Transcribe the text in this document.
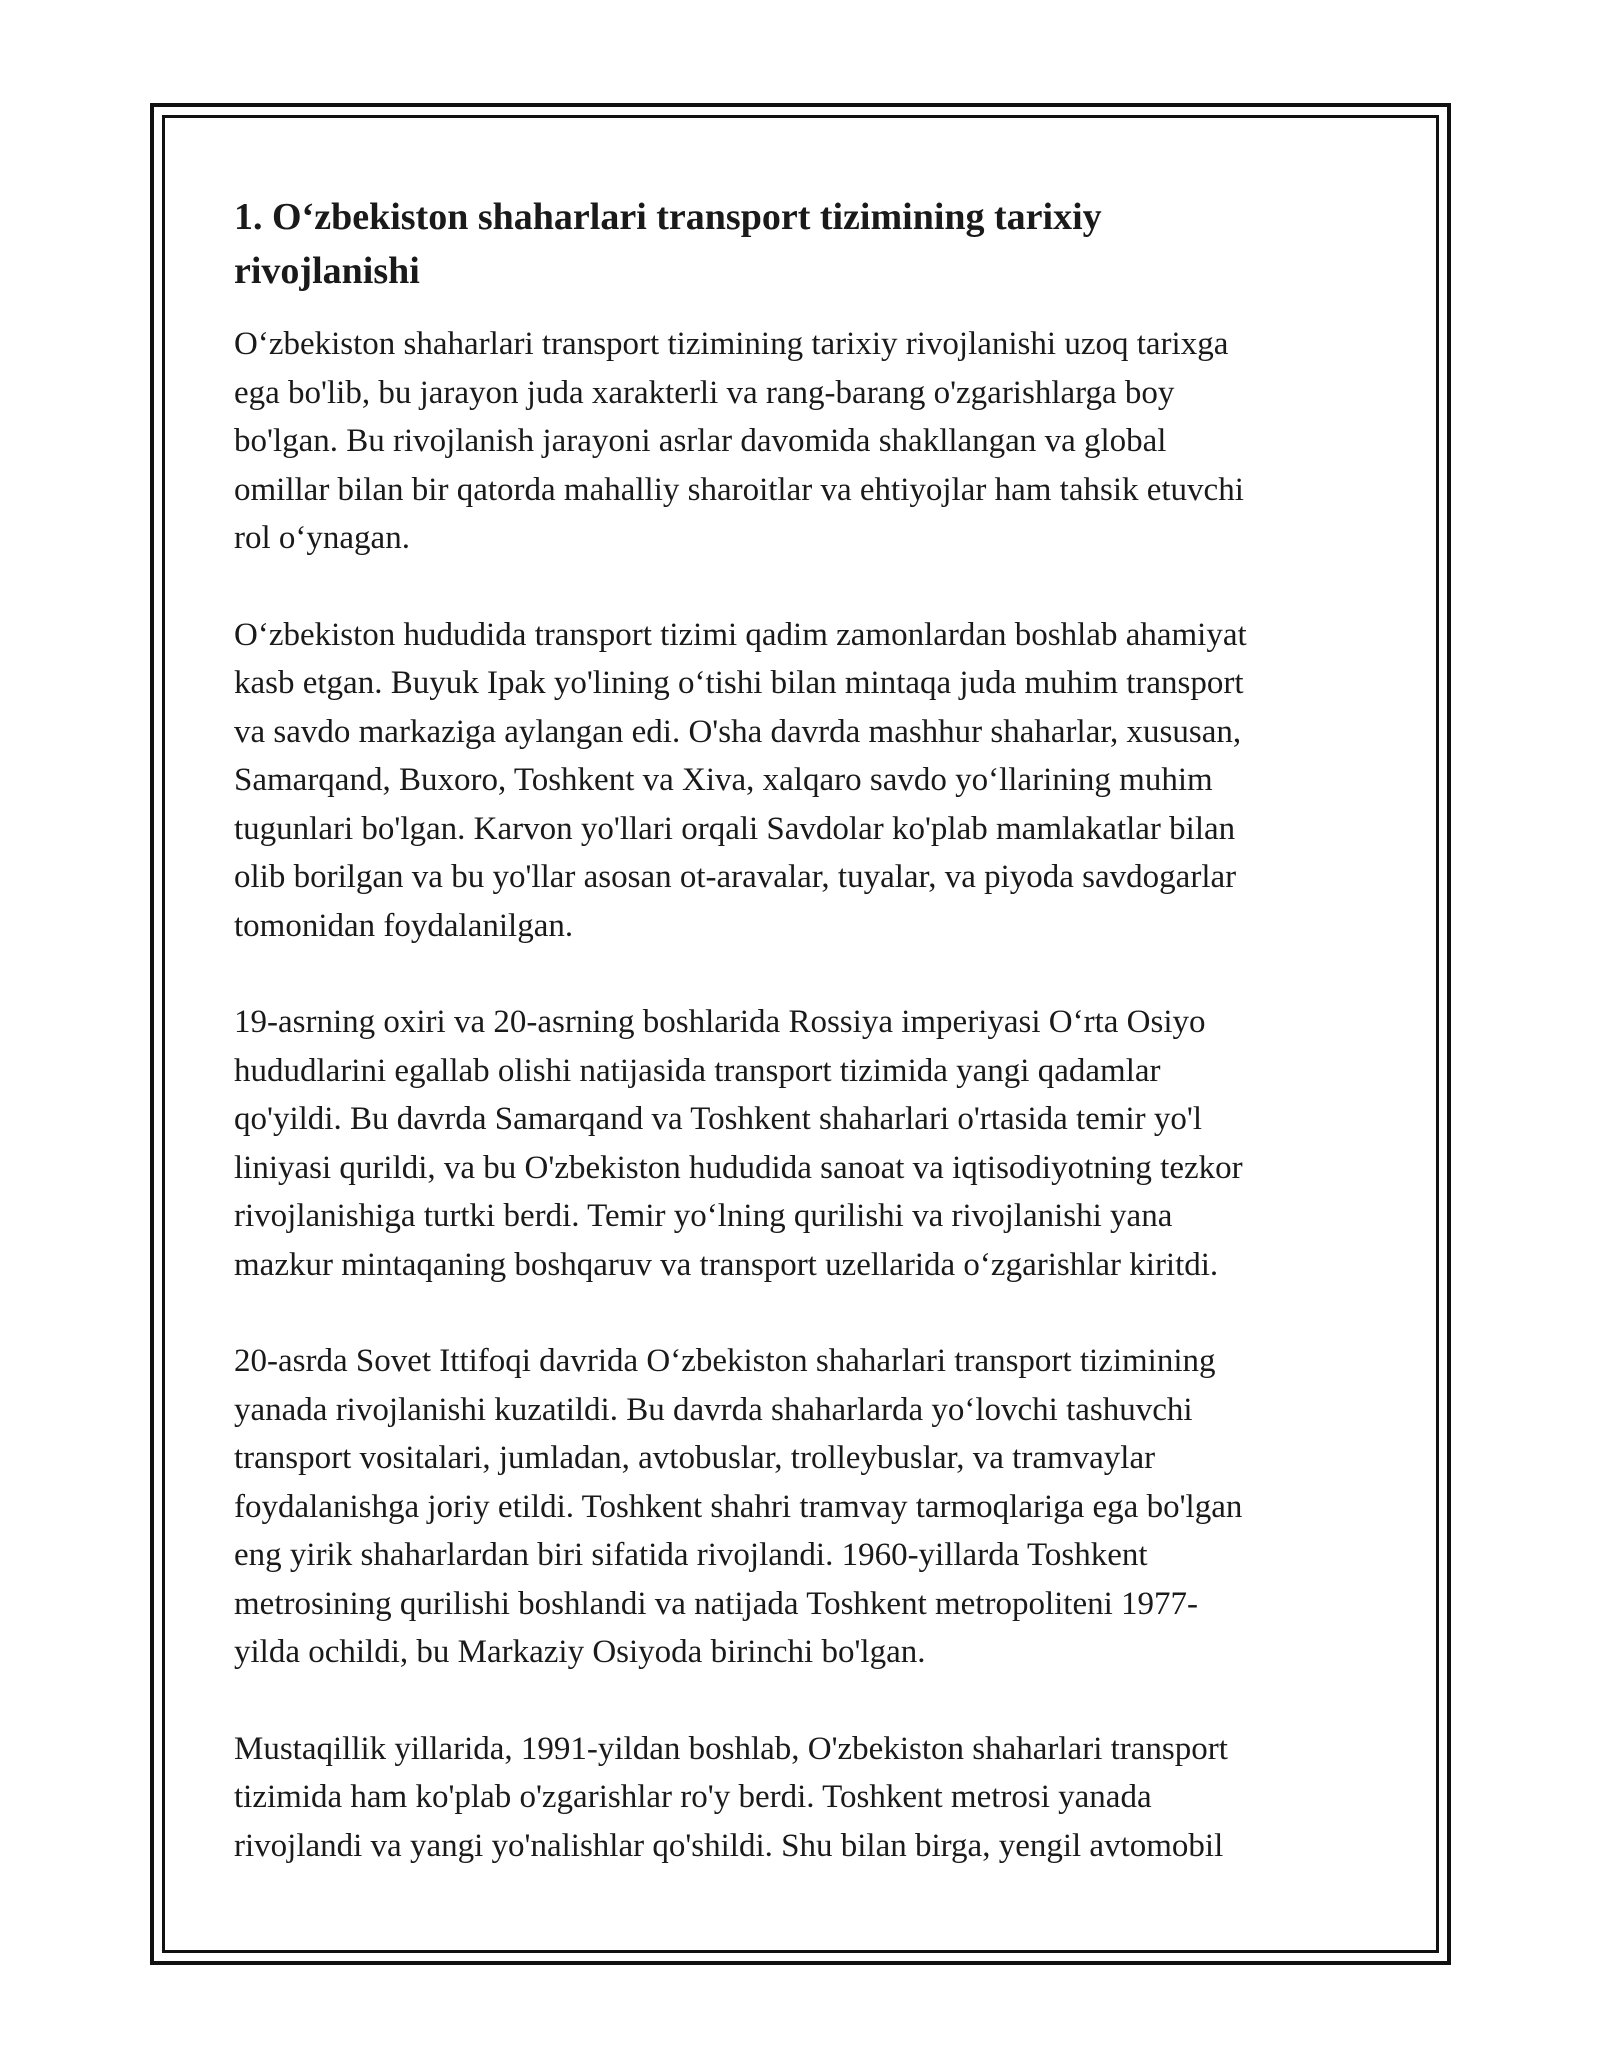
1. O‘zbekiston shaharlari transport tizimining tarixiy
rivojlanishi

O‘zbekiston shaharlari transport tizimining tarixiy rivojlanishi uzoq tarixga
ega bo'lib, bu jarayon juda xarakterli va rang-barang o'zgarishlarga boy
bo'lgan. Bu rivojlanish jarayoni asrlar davomida shakllangan va global
omillar bilan bir qatorda mahalliy sharoitlar va ehtiyojlar ham tahsik etuvchi
rol o‘ynagan.

O‘zbekiston hududida transport tizimi qadim zamonlardan boshlab ahamiyat
kasb etgan. Buyuk Ipak yo'lining o‘tishi bilan mintaqa juda muhim transport
va savdo markaziga aylangan edi. O'sha davrda mashhur shaharlar, xususan,
Samarqand, Buxoro, Toshkent va Xiva, xalqaro savdo yo‘llarining muhim
tugunlari bo'lgan. Karvon yo'llari orqali Savdolar ko'plab mamlakatlar bilan
olib borilgan va bu yo'llar asosan ot-aravalar, tuyalar, va piyoda savdogarlar
tomonidan foydalanilgan.

19-asrning oxiri va 20-asrning boshlarida Rossiya imperiyasi O‘rta Osiyo
hududlarini egallab olishi natijasida transport tizimida yangi qadamlar
qo'yildi. Bu davrda Samarqand va Toshkent shaharlari o'rtasida temir yo'l
liniyasi qurildi, va bu O'zbekiston hududida sanoat va iqtisodiyotning tezkor
rivojlanishiga turtki berdi. Temir yo‘lning qurilishi va rivojlanishi yana
mazkur mintaqaning boshqaruv va transport uzellarida o‘zgarishlar kiritdi.

20-asrda Sovet Ittifoqi davrida O‘zbekiston shaharlari transport tizimining
yanada rivojlanishi kuzatildi. Bu davrda shaharlarda yo‘lovchi tashuvchi
transport vositalari, jumladan, avtobuslar, trolleybuslar, va tramvaylar
foydalanishga joriy etildi. Toshkent shahri tramvay tarmoqlariga ega bo'lgan
eng yirik shaharlardan biri sifatida rivojlandi. 1960-yillarda Toshkent
metrosining qurilishi boshlandi va natijada Toshkent metropoliteni 1977-
yilda ochildi, bu Markaziy Osiyoda birinchi bo'lgan.

Mustaqillik yillarida, 1991-yildan boshlab, O'zbekiston shaharlari transport
tizimida ham ko'plab o'zgarishlar ro'y berdi. Toshkent metrosi yanada
rivojlandi va yangi yo'nalishlar qo'shildi. Shu bilan birga, yengil avtomobil
